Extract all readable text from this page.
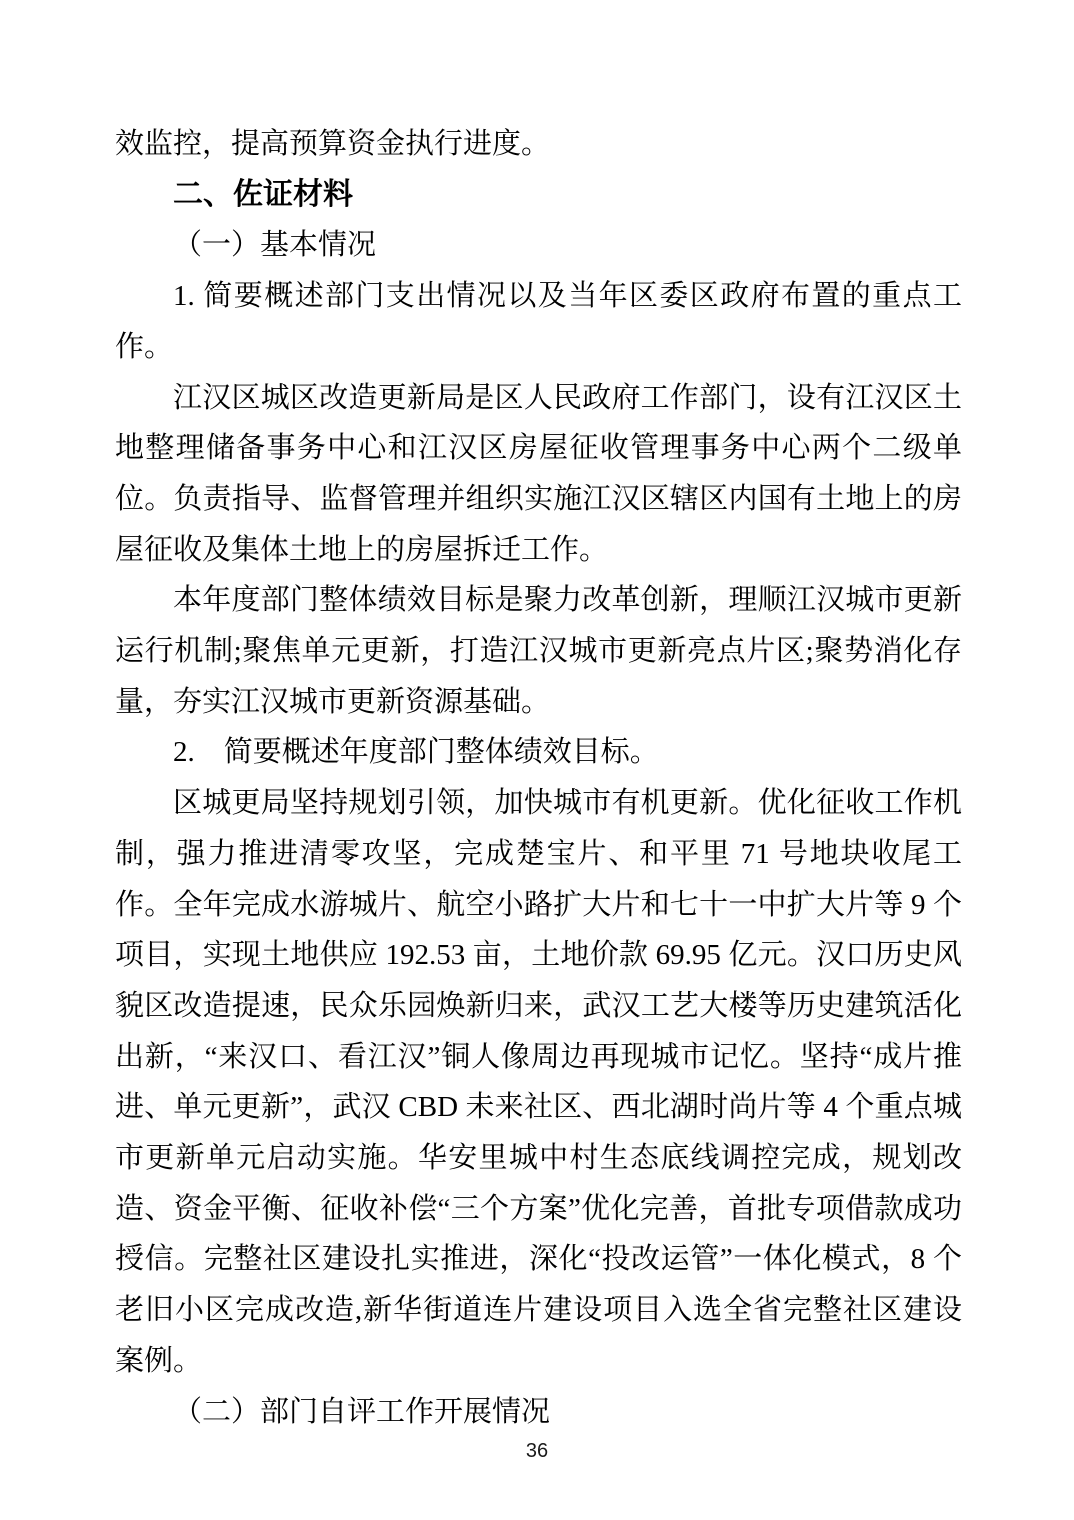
效监控，提高预算资金执行进度。

二、佐证材料

（一）基本情况

1. 简要概述部门支出情况以及当年区委区政府布置的重点工作。

江汉区城区改造更新局是区人民政府工作部门，设有江汉区土地整理储备事务中心和江汉区房屋征收管理事务中心两个二级单位。负责指导、监督管理并组织实施江汉区辖区内国有土地上的房屋征收及集体土地上的房屋拆迁工作。

本年度部门整体绩效目标是聚力改革创新，理顺江汉城市更新运行机制;聚焦单元更新，打造江汉城市更新亮点片区;聚势消化存量，夯实江汉城市更新资源基础。

2.　简要概述年度部门整体绩效目标。

区城更局坚持规划引领，加快城市有机更新。优化征收工作机制，强力推进清零攻坚，完成楚宝片、和平里 71 号地块收尾工作。全年完成水游城片、航空小路扩大片和七十一中扩大片等 9 个项目，实现土地供应 192.53 亩，土地价款 69.95 亿元。汉口历史风貌区改造提速，民众乐园焕新归来，武汉工艺大楼等历史建筑活化出新，“来汉口、看江汉”铜人像周边再现城市记忆。坚持“成片推进、单元更新”，武汉 CBD 未来社区、西北湖时尚片等 4 个重点城市更新单元启动实施。华安里城中村生态底线调控完成，规划改造、资金平衡、征收补偿“三个方案”优化完善，首批专项借款成功授信。完整社区建设扎实推进，深化“投改运管”一体化模式，8 个老旧小区完成改造,新华街道连片建设项目入选全省完整社区建设案例。

（二）部门自评工作开展情况

36
